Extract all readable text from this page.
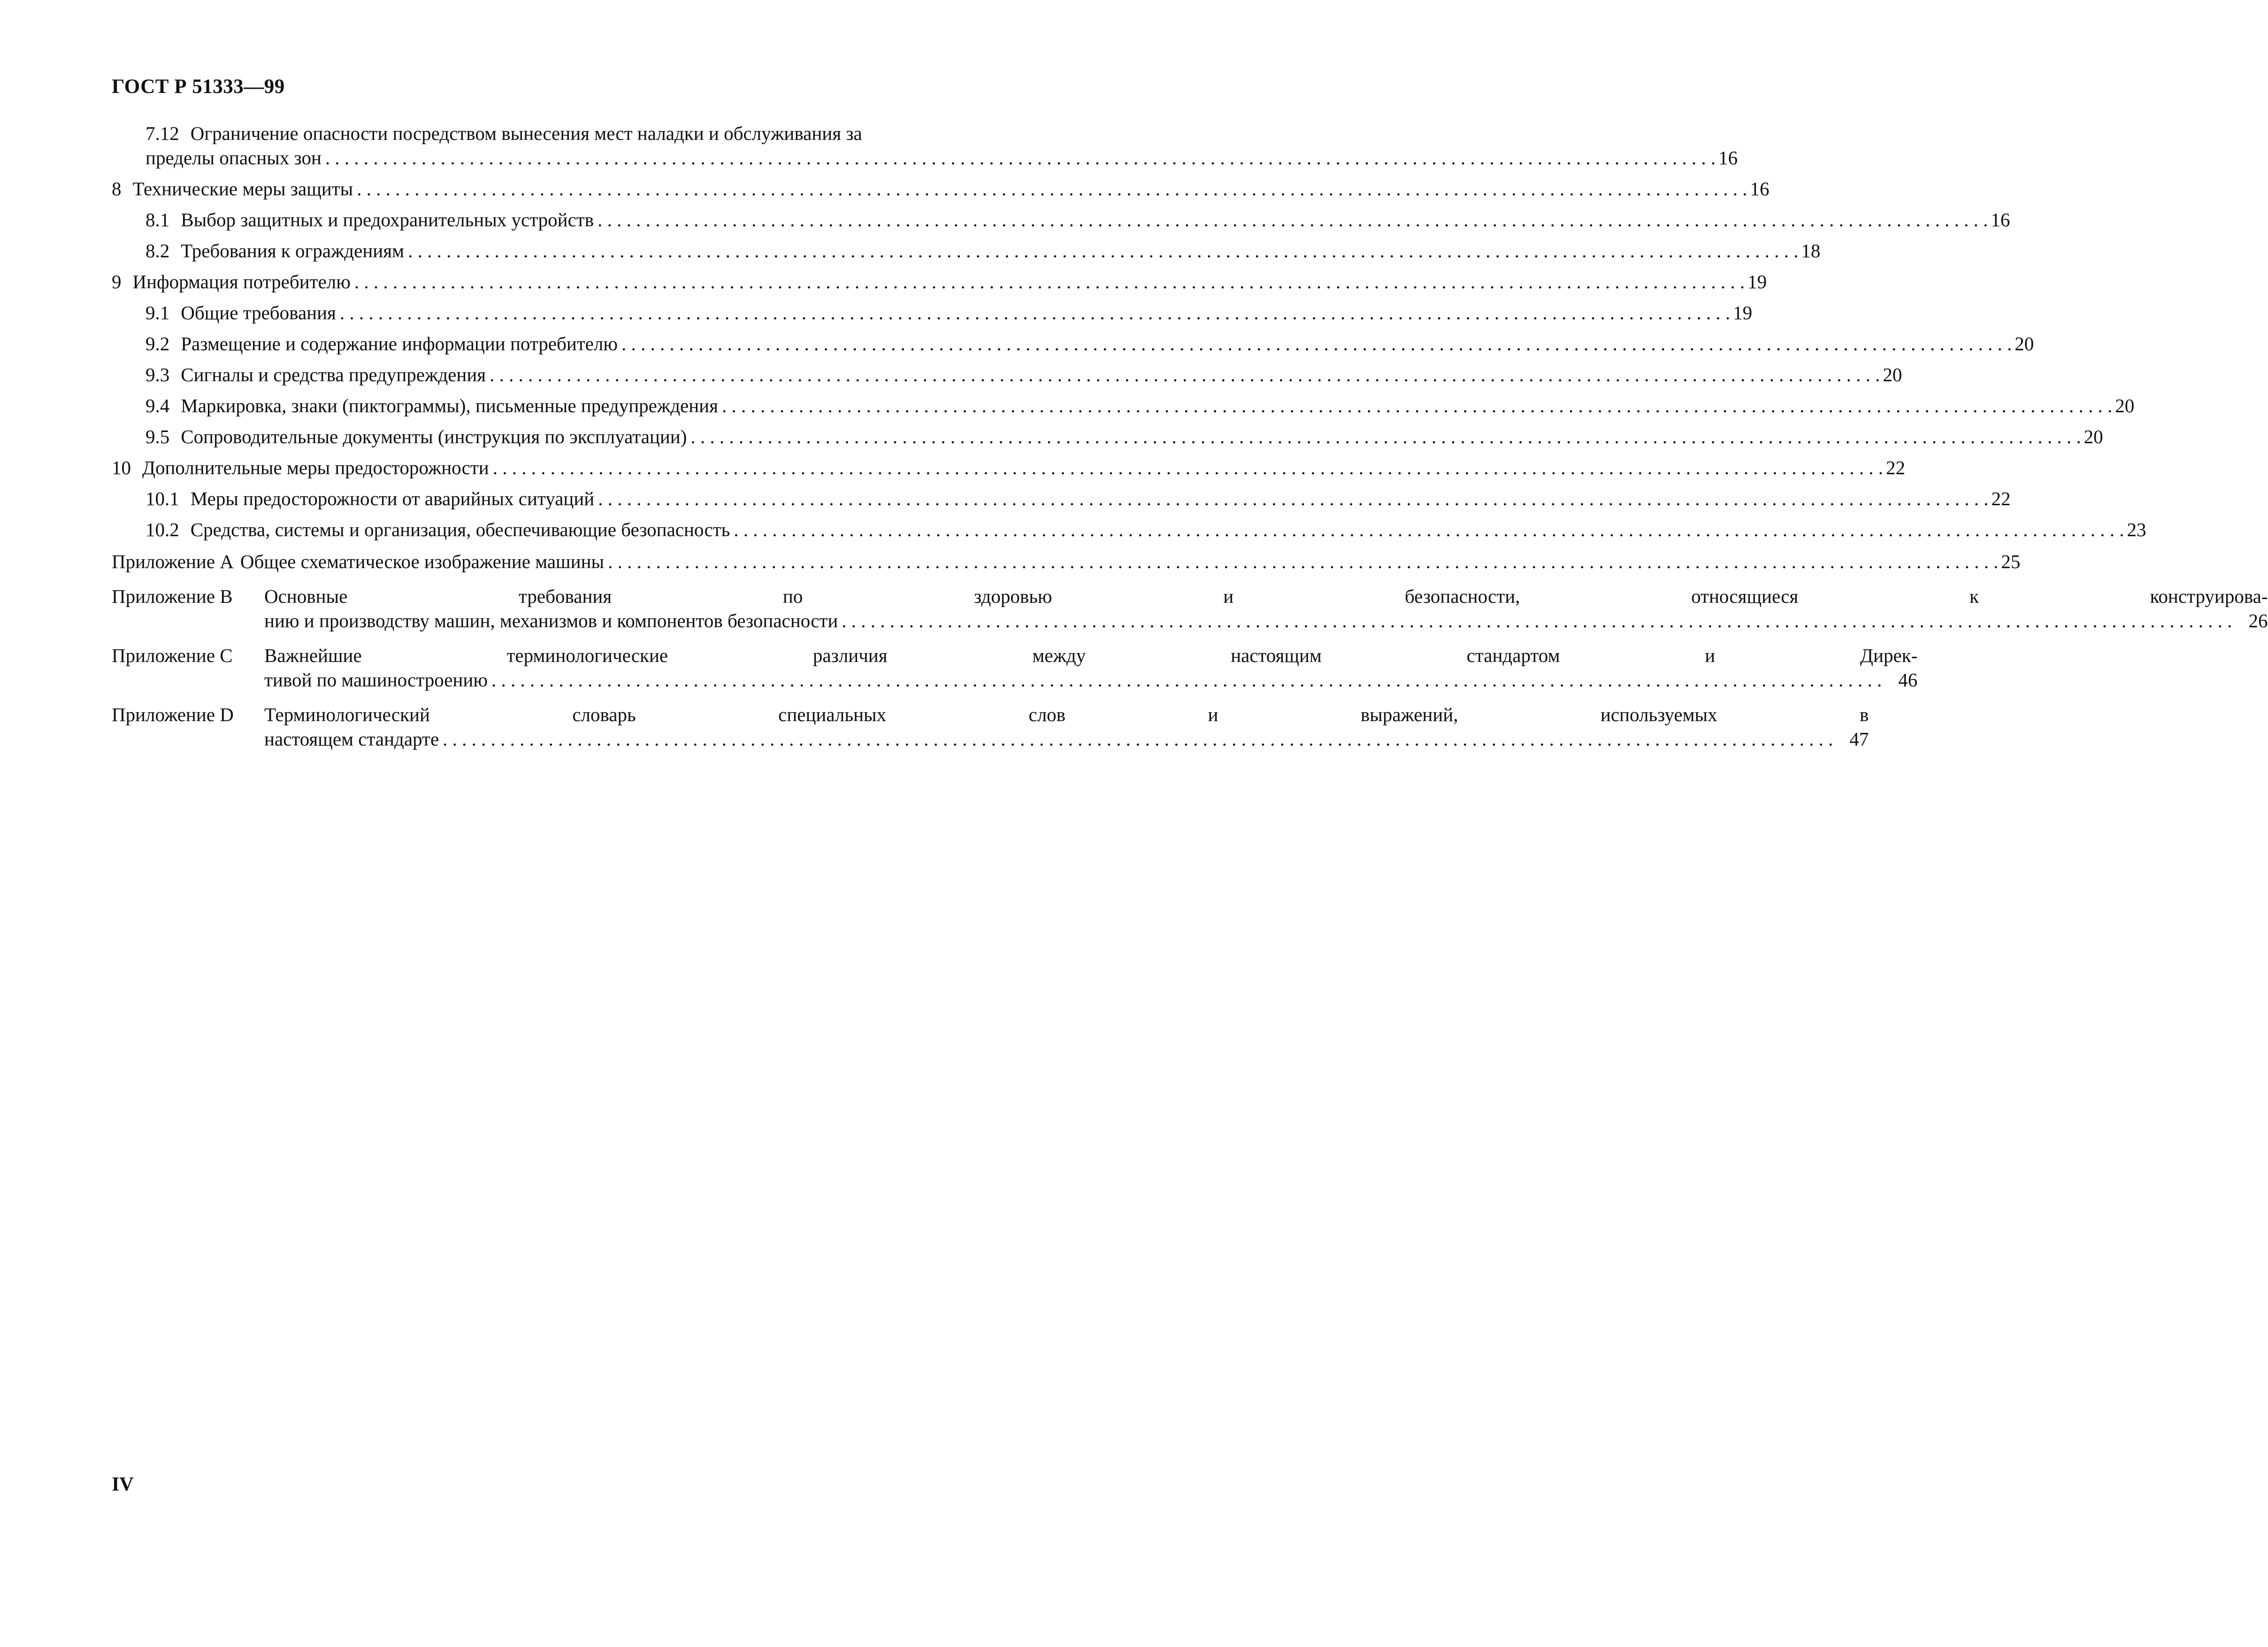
ГОСТ Р 51333—99
7.12 Ограничение опасности посредством вынесения мест наладки и обслуживания за
пределы опасных зон . . .	16
8 Технические меры защиты . . .	16
8.1 Выбор защитных и предохранительных устройств . . .	16
8.2 Требования к ограждениям . . .	18
9 Информация потребителю . . .	19
9.1 Общие требования . . .	19
9.2 Размещение и содержание информации потребителю . . .	20
9.3 Сигналы и средства предупреждения . . .	20
9.4 Маркировка, знаки (пиктограммы), письменные предупреждения . . .	20
9.5 Сопроводительные документы (инструкция по эксплуатации) . . .	20
10 Дополнительные меры предосторожности . . .	22
10.1 Меры предосторожности от аварийных ситуаций . . .	22
10.2 Средства, системы и организация, обеспечивающие безопасность . . .	23
Приложение А Общее схематическое изображение машины . . .	25
Приложение В	Основные требования по здоровью и безопасности, относящиеся к конструирова-
нию и производству машин, механизмов и компонентов безопасности . . .	26
Приложение С	Важнейшие терминологические различия между настоящим стандартом и Дирек-
тивой по машиностроению . . .	46
Приложение D	Терминологический словарь специальных слов и выражений, используемых в
настоящем стандарте . . .	47
IV
